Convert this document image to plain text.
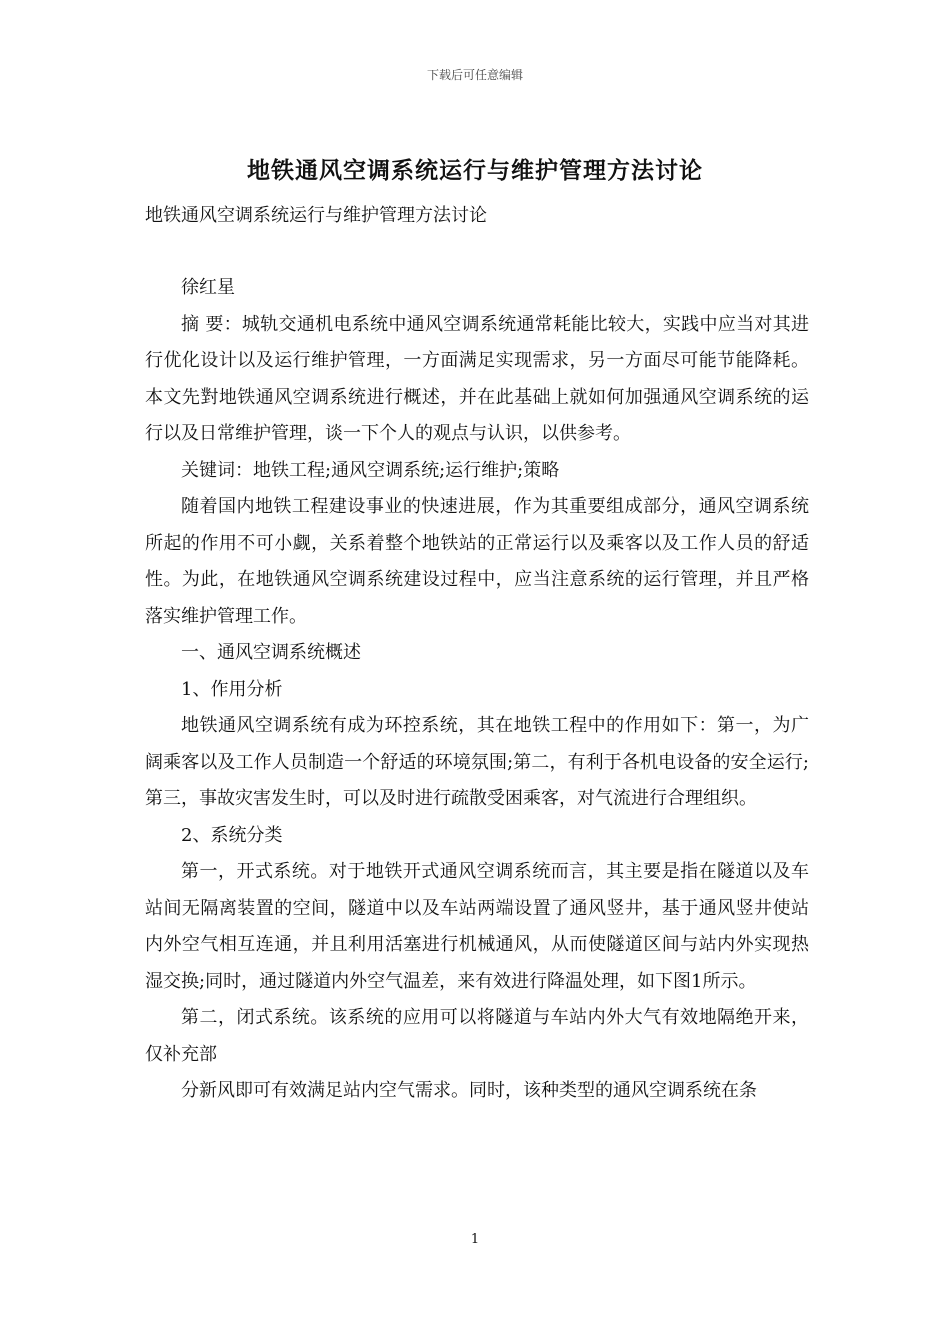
下载后可任意编辑
地铁通风空调系统运行与维护管理方法讨论
地铁通风空调系统运行与维护管理方法讨论

徐红星

摘 要：城轨交通机电系统中通风空调系统通常耗能比较大，实践中应当对其进行优化设计以及运行维护管理，一方面满足实现需求，另一方面尽可能节能降耗。本文先對地铁通风空调系统进行概述，并在此基础上就如何加强通风空调系统的运行以及日常维护管理，谈一下个人的观点与认识，以供参考。

关键词：地铁工程;通风空调系统;运行维护;策略

随着国内地铁工程建设事业的快速进展，作为其重要组成部分，通风空调系统所起的作用不可小觑，关系着整个地铁站的正常运行以及乘客以及工作人员的舒适性。为此，在地铁通风空调系统建设过程中，应当注意系统的运行管理，并且严格落实维护管理工作。

一、通风空调系统概述

1、作用分析

地铁通风空调系统有成为环控系统，其在地铁工程中的作用如下：第一，为广阔乘客以及工作人员制造一个舒适的环境氛围;第二，有利于各机电设备的安全运行;第三，事故灾害发生时，可以及时进行疏散受困乘客，对气流进行合理组织。

2、系统分类

第一，开式系统。对于地铁开式通风空调系统而言，其主要是指在隧道以及车站间无隔离装置的空间，隧道中以及车站两端设置了通风竖井，基于通风竖井使站内外空气相互连通，并且利用活塞进行机械通风，从而使隧道区间与站内外实现热湿交换;同时，通过隧道内外空气温差，来有效进行降温处理，如下图1所示。

第二，闭式系统。该系统的应用可以将隧道与车站内外大气有效地隔绝开来，仅补充部

分新风即可有效满足站内空气需求。同时，该种类型的通风空调系统在条

1
